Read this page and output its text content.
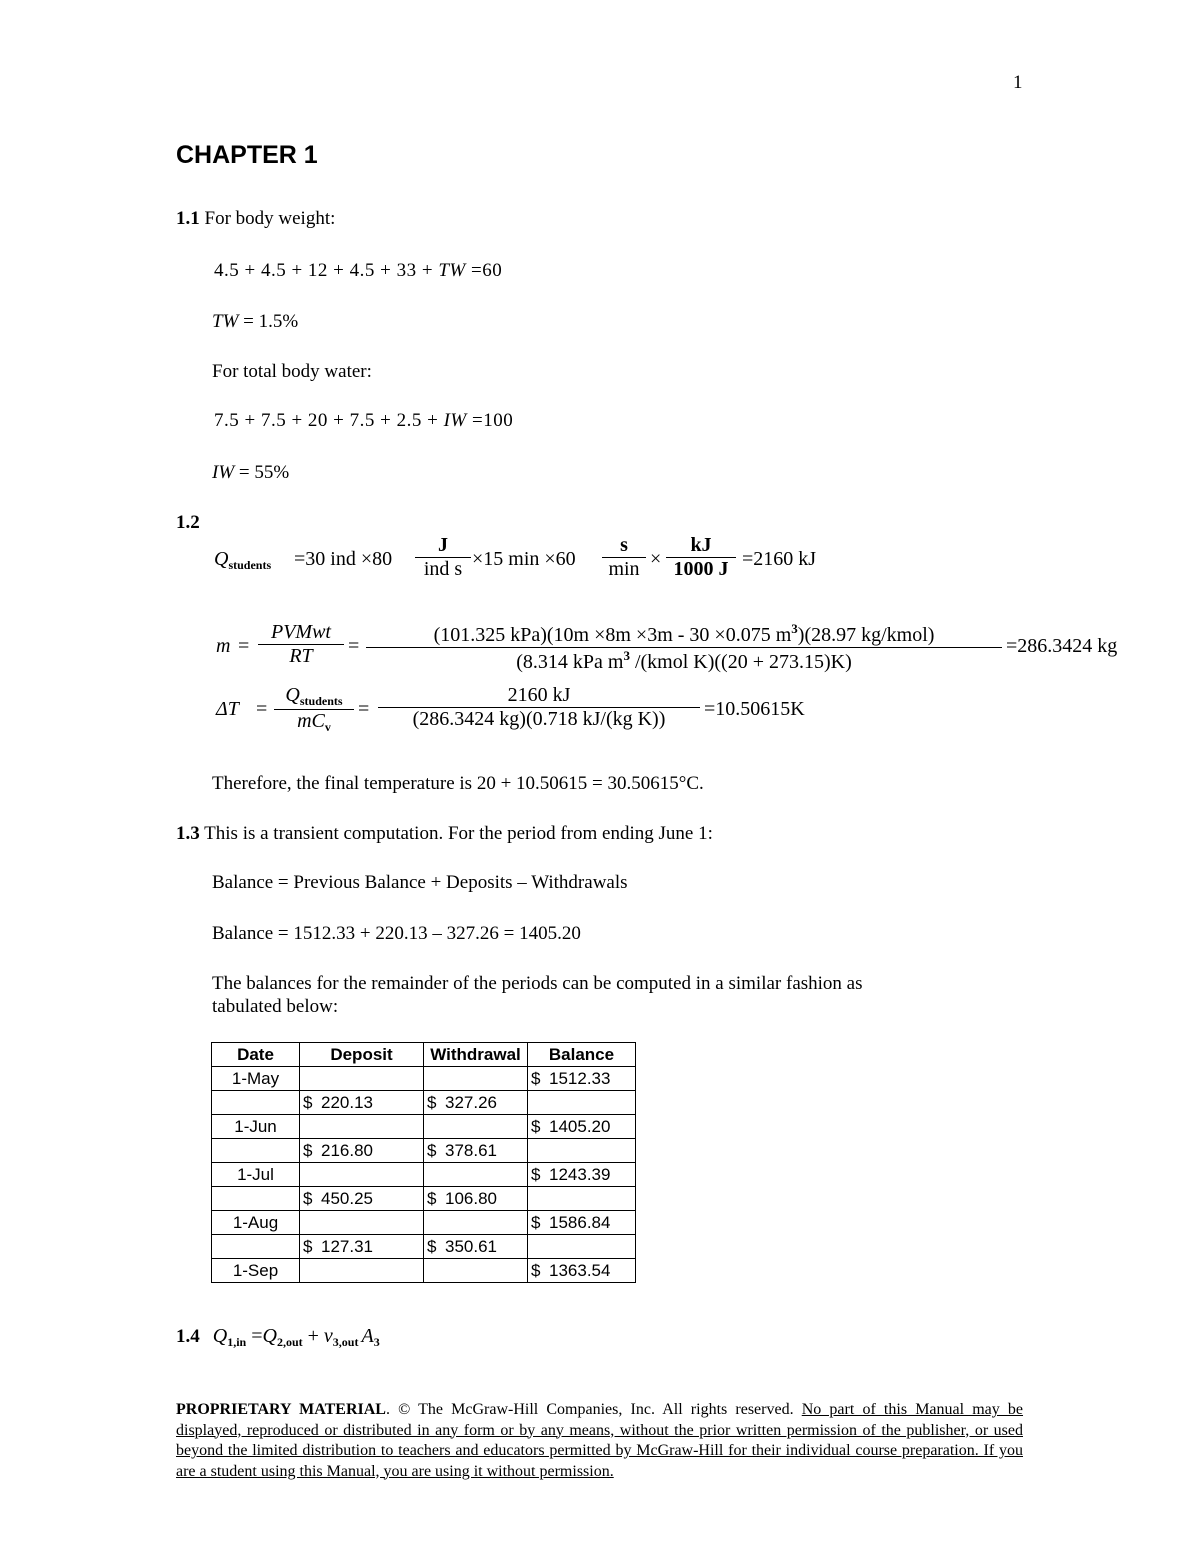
1
CHAPTER 1
1.1 For body weight:
4.5 + 4.5 + 12 + 4.5 + 33 + TW =60
TW = 1.5%
For total body water:
7.5 + 7.5 + 20 + 7.5 + 2.5 + IW =100
IW = 55%
1.2
$Q_{students} =30$ ind ×80
J
ind s ×15 min ×60
s
$\min \times \frac{kJ}{1000 J} =2160$ kJ
m =
PVMwt
RT	=	(101.325 kPa)(10m ×8m ×3m - 30 ×0.075 $m^3)(28.97$ kg/kmol)
(8.314 kPa $m^3$ /(kmol K)((20 + 273.15)K)
=286.3424 kg
ΔT =
$Q_{students}$
$mC_v$
= $\frac{2160 kJ}{\text{(286.3424 kg)(0.718 kJ/(kg K))}} =10.50615K$
Therefore, the final temperature is 20 + 10.50615 = 30.50615°C.
1.3 This is a transient computation. For the period from ending June 1:
Balance = Previous Balance + Deposits – Withdrawals
Balance = 1512.33 + 220.13 – 327.26 = 1405.20
The balances for the remainder of the periods can be computed in a similar fashion as
tabulated below:
Date	Deposit	Withdrawal	Balance
1-May			$ 1512.33
	$ 220.13	$ 327.26	
1-Jun			$ 1405.20
	$ 216.80	$ 378.61	
1-Jul			$ 1243.39
	$ 450.25	$ 106.80	
1-Aug			$ 1586.84
	$ 127.31	$ 350.61	
1-Sep			$ 1363.54
1.4 $Q_{1,in} =Q_{2,out} + v_{3,out}$ $A_3$
PROPRIETARY MATERIAL. © The McGraw-Hill Companies, Inc. All rights reserved. No part of this Manual may be displayed, reproduced or distributed in any form or by any means, without the prior written permission of the publisher, or used beyond the limited distribution to teachers and educators permitted by McGraw-Hill for their individual course preparation. If you are a student using this Manual, you are using it without permission.
